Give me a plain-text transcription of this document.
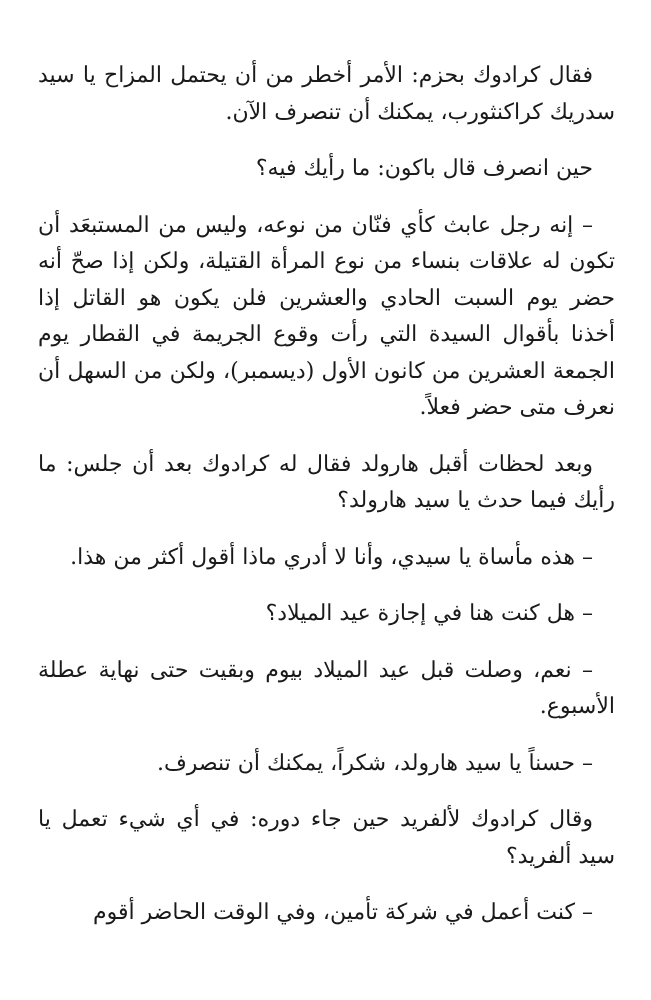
فقال كرادوك بحزم: الأمر أخطر من أن يحتمل المزاح يا سيد سدريك كراكنثورب، يمكنك أن تنصرف الآن.

حين انصرف قال باكون: ما رأيك فيه؟

– إنه رجل عابث كأي فنّان من نوعه، وليس من المستبعَد أن تكون له علاقات بنساء من نوع المرأة القتيلة، ولكن إذا صحّ أنه حضر يوم السبت الحادي والعشرين فلن يكون هو القاتل إذا أخذنا بأقوال السيدة التي رأت وقوع الجريمة في القطار يوم الجمعة العشرين من كانون الأول (ديسمبر)، ولكن من السهل أن نعرف متى حضر فعلاً.

وبعد لحظات أقبل هارولد فقال له كرادوك بعد أن جلس: ما رأيك فيما حدث يا سيد هارولد؟

– هذه مأساة يا سيدي، وأنا لا أدري ماذا أقول أكثر من هذا.

– هل كنت هنا في إجازة عيد الميلاد؟

– نعم، وصلت قبل عيد الميلاد بيوم وبقيت حتى نهاية عطلة الأسبوع.

– حسناً يا سيد هارولد، شكراً، يمكنك أن تنصرف.

وقال كرادوك لألفريد حين جاء دوره: في أي شيء تعمل يا سيد ألفريد؟

– كنت أعمل في شركة تأمين، وفي الوقت الحاضر أقوم
